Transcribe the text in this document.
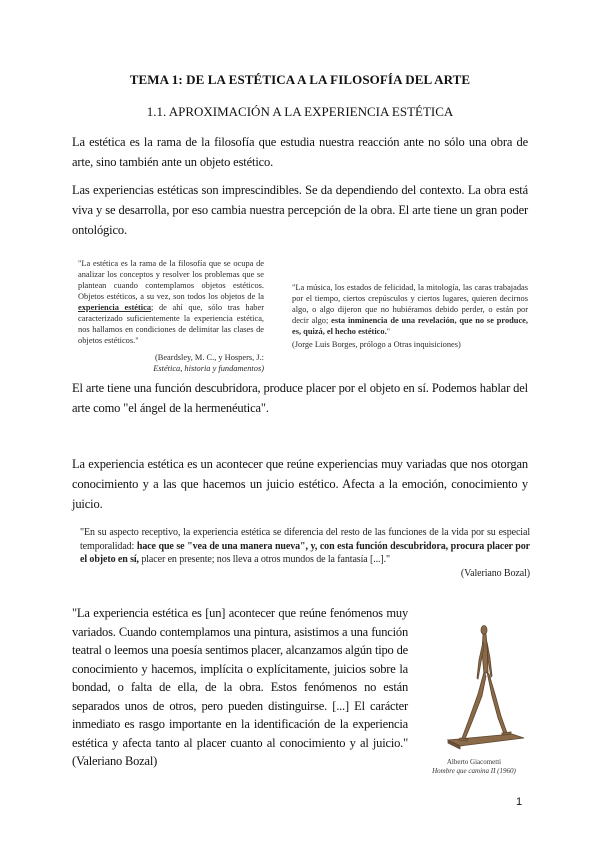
TEMA 1: DE LA ESTÉTICA A LA FILOSOFÍA DEL ARTE
1.1. APROXIMACIÓN A LA EXPERIENCIA ESTÉTICA

La estética es la rama de la filosofía que estudia nuestra reacción ante no sólo una obra de arte, sino también ante un objeto estético.

Las experiencias estéticas son imprescindibles. Se da dependiendo del contexto. La obra está viva y se desarrolla, por eso cambia nuestra percepción de la obra. El arte tiene un gran poder ontológico.

"La estética es la rama de la filosofía que se ocupa de analizar los conceptos y resolver los problemas que se plantean cuando contemplamos objetos estéticos. Objetos estéticos, a su vez, son todos los objetos de la experiencia estética; de ahí que, sólo tras haber caracterizado suficientemente la experiencia estética, nos hallamos en condiciones de delimitar las clases de objetos estéticos."
(Beardsley, M. C., y Hospers, J.:
Estética, historia y fundamentos)
"La música, los estados de felicidad, la mitología, las caras trabajadas por el tiempo, ciertos crepúsculos y ciertos lugares, quieren decirnos algo, o algo dijeron que no hubiéramos debido perder, o están por decir algo; esta inminencia de una revelación, que no se produce, es, quizá, el hecho estético."
(Jorge Luis Borges, prólogo a Otras inquisiciones)

El arte tiene una función descubridora, produce placer por el objeto en sí. Podemos hablar del arte como "el ángel de la hermenéutica".

La experiencia estética es un acontecer que reúne experiencias muy variadas que nos otorgan conocimiento y a las que hacemos un juicio estético. Afecta a la emoción, conocimiento y juicio.

"En su aspecto receptivo, la experiencia estética se diferencia del resto de las funciones de la vida por su especial temporalidad: hace que se "vea de una manera nueva", y, con esta función descubridora, procura placer por el objeto en sí, placer en presente; nos lleva a otros mundos de la fantasía [...]."
(Valeriano Bozal)

"La experiencia estética es [un] acontecer que reúne fenómenos muy variados. Cuando contemplamos una pintura, asistimos a una función teatral o leemos una poesía sentimos placer, alcanzamos algún tipo de conocimiento y hacemos, implícita o explícitamente, juicios sobre la bondad, o falta de ella, de la obra. Estos fenómenos no están separados unos de otros, pero pueden distinguirse. [...] El carácter inmediato es rasgo importante en la identificación de la experiencia estética y afecta tanto al placer cuanto al conocimiento y al juicio." (Valeriano Bozal)	Alberto Giacometti
Hombre que camina II (1960)
1
